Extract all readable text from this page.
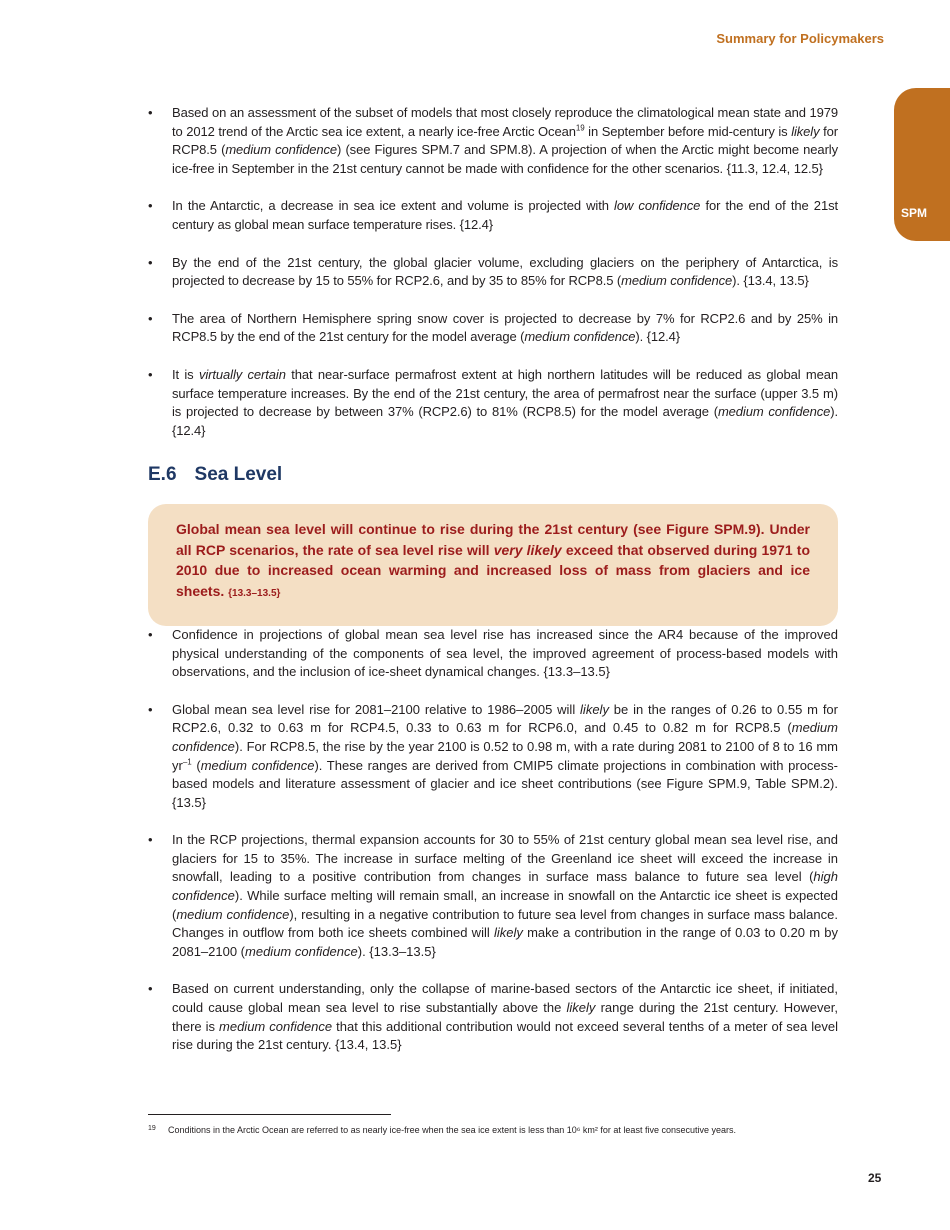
Summary for Policymakers
SPM
• Based on an assessment of the subset of models that most closely reproduce the climatological mean state and 1979 to 2012 trend of the Arctic sea ice extent, a nearly ice-free Arctic Ocean$^{19}$ in September before mid-century is likely for RCP8.5 (medium confidence) (see Figures SPM.7 and SPM.8). A projection of when the Arctic might become nearly ice-free in September in the 21st century cannot be made with confidence for the other scenarios. {11.3, 12.4, 12.5}
• In the Antarctic, a decrease in sea ice extent and volume is projected with low confidence for the end of the 21st century as global mean surface temperature rises. {12.4}
• By the end of the 21st century, the global glacier volume, excluding glaciers on the periphery of Antarctica, is projected to decrease by 15 to 55% for RCP2.6, and by 35 to 85% for RCP8.5 (medium confidence). {13.4, 13.5}
• The area of Northern Hemisphere spring snow cover is projected to decrease by 7% for RCP2.6 and by 25% in RCP8.5 by the end of the 21st century for the model average (medium confidence). {12.4}
• It is virtually certain that near-surface permafrost extent at high northern latitudes will be reduced as global mean surface temperature increases. By the end of the 21st century, the area of permafrost near the surface (upper 3.5 m) is projected to decrease by between 37% (RCP2.6) to 81% (RCP8.5) for the model average (medium confidence). {12.4}
E.6 Sea Level
Global mean sea level will continue to rise during the 21st century (see Figure SPM.9). Under all RCP scenarios, the rate of sea level rise will very likely exceed that observed during 1971 to 2010 due to increased ocean warming and increased loss of mass from glaciers and ice sheets. {13.3–13.5}
• Confidence in projections of global mean sea level rise has increased since the AR4 because of the improved physical understanding of the components of sea level, the improved agreement of process-based models with observations, and the inclusion of ice-sheet dynamical changes. {13.3–13.5}
• Global mean sea level rise for 2081–2100 relative to 1986–2005 will likely be in the ranges of 0.26 to 0.55 m for RCP2.6, 0.32 to 0.63 m for RCP4.5, 0.33 to 0.63 m for RCP6.0, and 0.45 to 0.82 m for RCP8.5 (medium confidence). For RCP8.5, the rise by the year 2100 is 0.52 to 0.98 m, with a rate during 2081 to 2100 of 8 to 16 mm $yr^{-1}$ (medium confidence). These ranges are derived from CMIP5 climate projections in combination with process-based models and literature assessment of glacier and ice sheet contributions (see Figure SPM.9, Table SPM.2). {13.5}
• In the RCP projections, thermal expansion accounts for 30 to 55% of 21st century global mean sea level rise, and glaciers for 15 to 35%. The increase in surface melting of the Greenland ice sheet will exceed the increase in snowfall, leading to a positive contribution from changes in surface mass balance to future sea level (high confidence). While surface melting will remain small, an increase in snowfall on the Antarctic ice sheet is expected (medium confidence), resulting in a negative contribution to future sea level from changes in surface mass balance. Changes in outflow from both ice sheets combined will likely make a contribution in the range of 0.03 to 0.20 m by 2081–2100 (medium confidence). {13.3–13.5}
• Based on current understanding, only the collapse of marine-based sectors of the Antarctic ice sheet, if initiated, could cause global mean sea level to rise substantially above the likely range during the 21st century. However, there is medium confidence that this additional contribution would not exceed several tenths of a meter of sea level rise during the 21st century. {13.4, 13.5}
19 Conditions in the Arctic Ocean are referred to as nearly ice-free when the sea ice extent is less than 10⁶ km² for at least five consecutive years.
25
